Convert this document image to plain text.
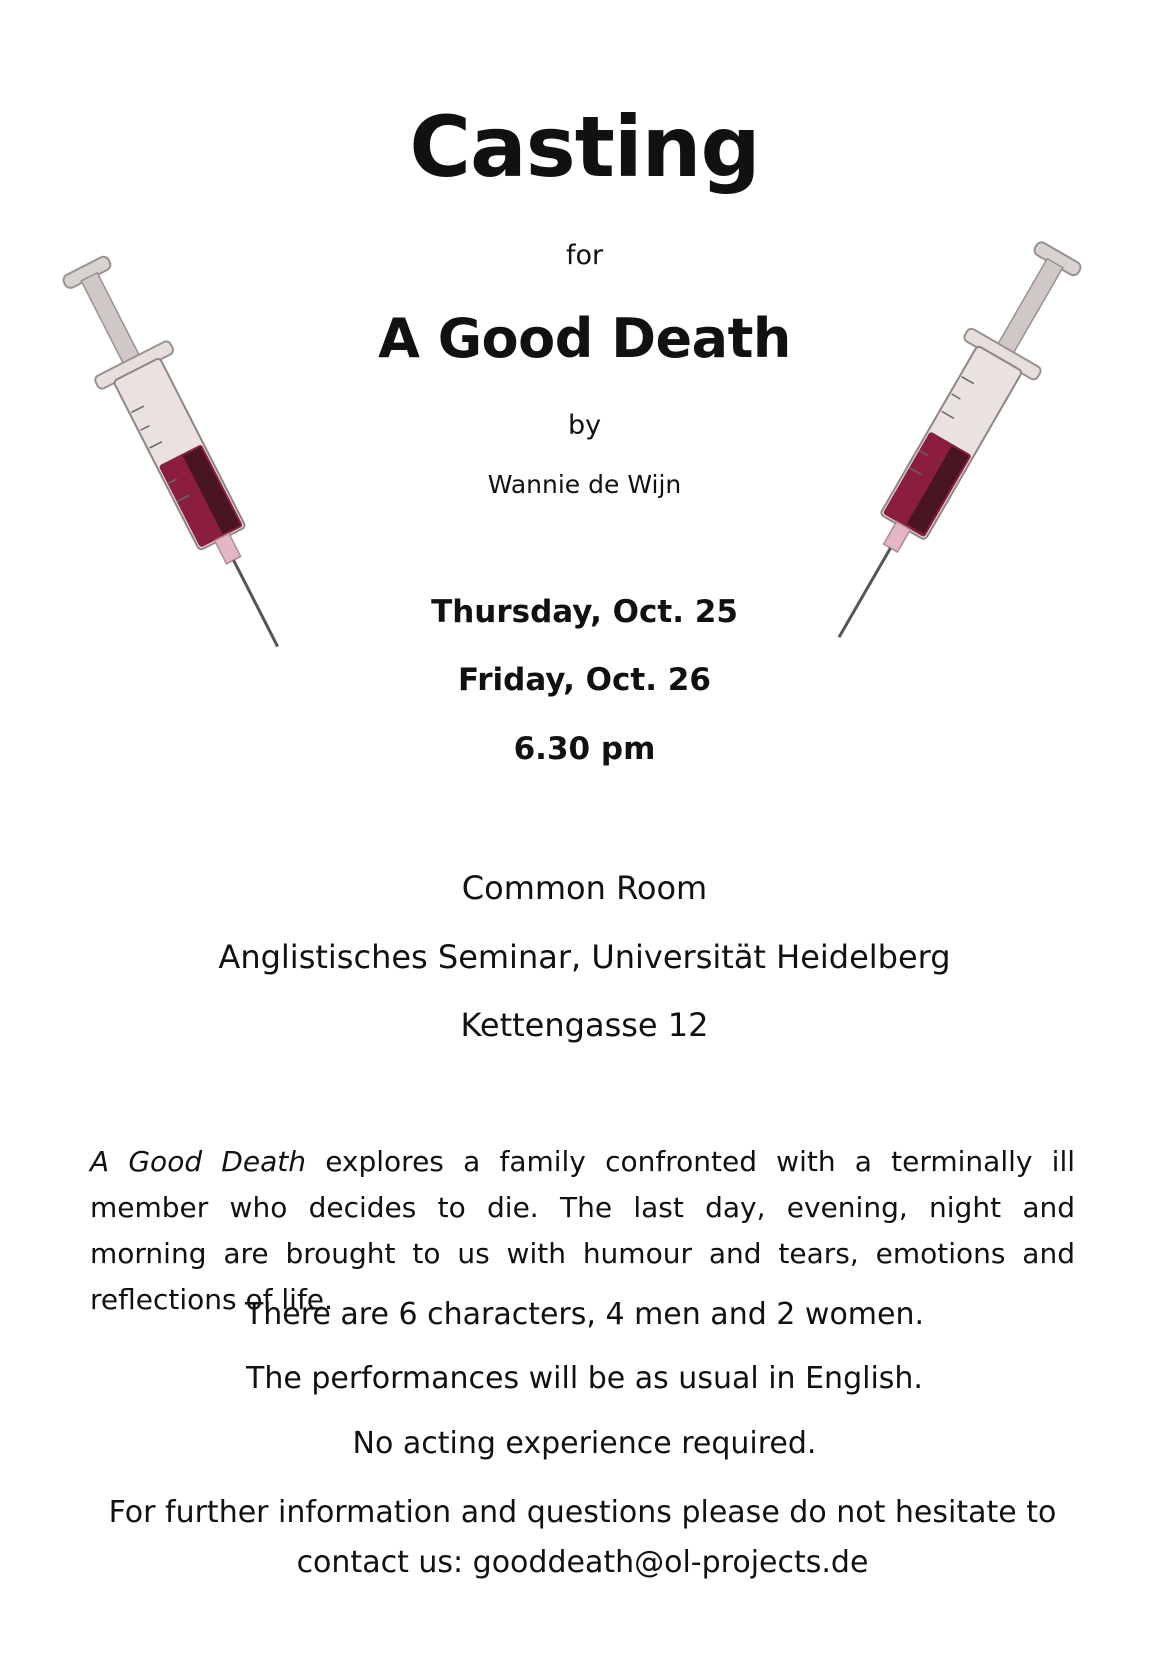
Casting

for

A Good Death

by

Wannie de Wijn

Thursday, Oct. 25

Friday, Oct. 26

6.30 pm

Common Room

Anglistisches Seminar, Universität Heidelberg

Kettengasse 12

A Good Death explores a family confronted with a terminally ill member who decides to die. The last day, evening, night and morning are brought to us with humour and tears, emotions and reflections of life.

There are 6 characters, 4 men and 2 women.

The performances will be as usual in English.

No acting experience required.

For further information and questions please do not hesitate to
contact us: gooddeath@ol-projects.de
